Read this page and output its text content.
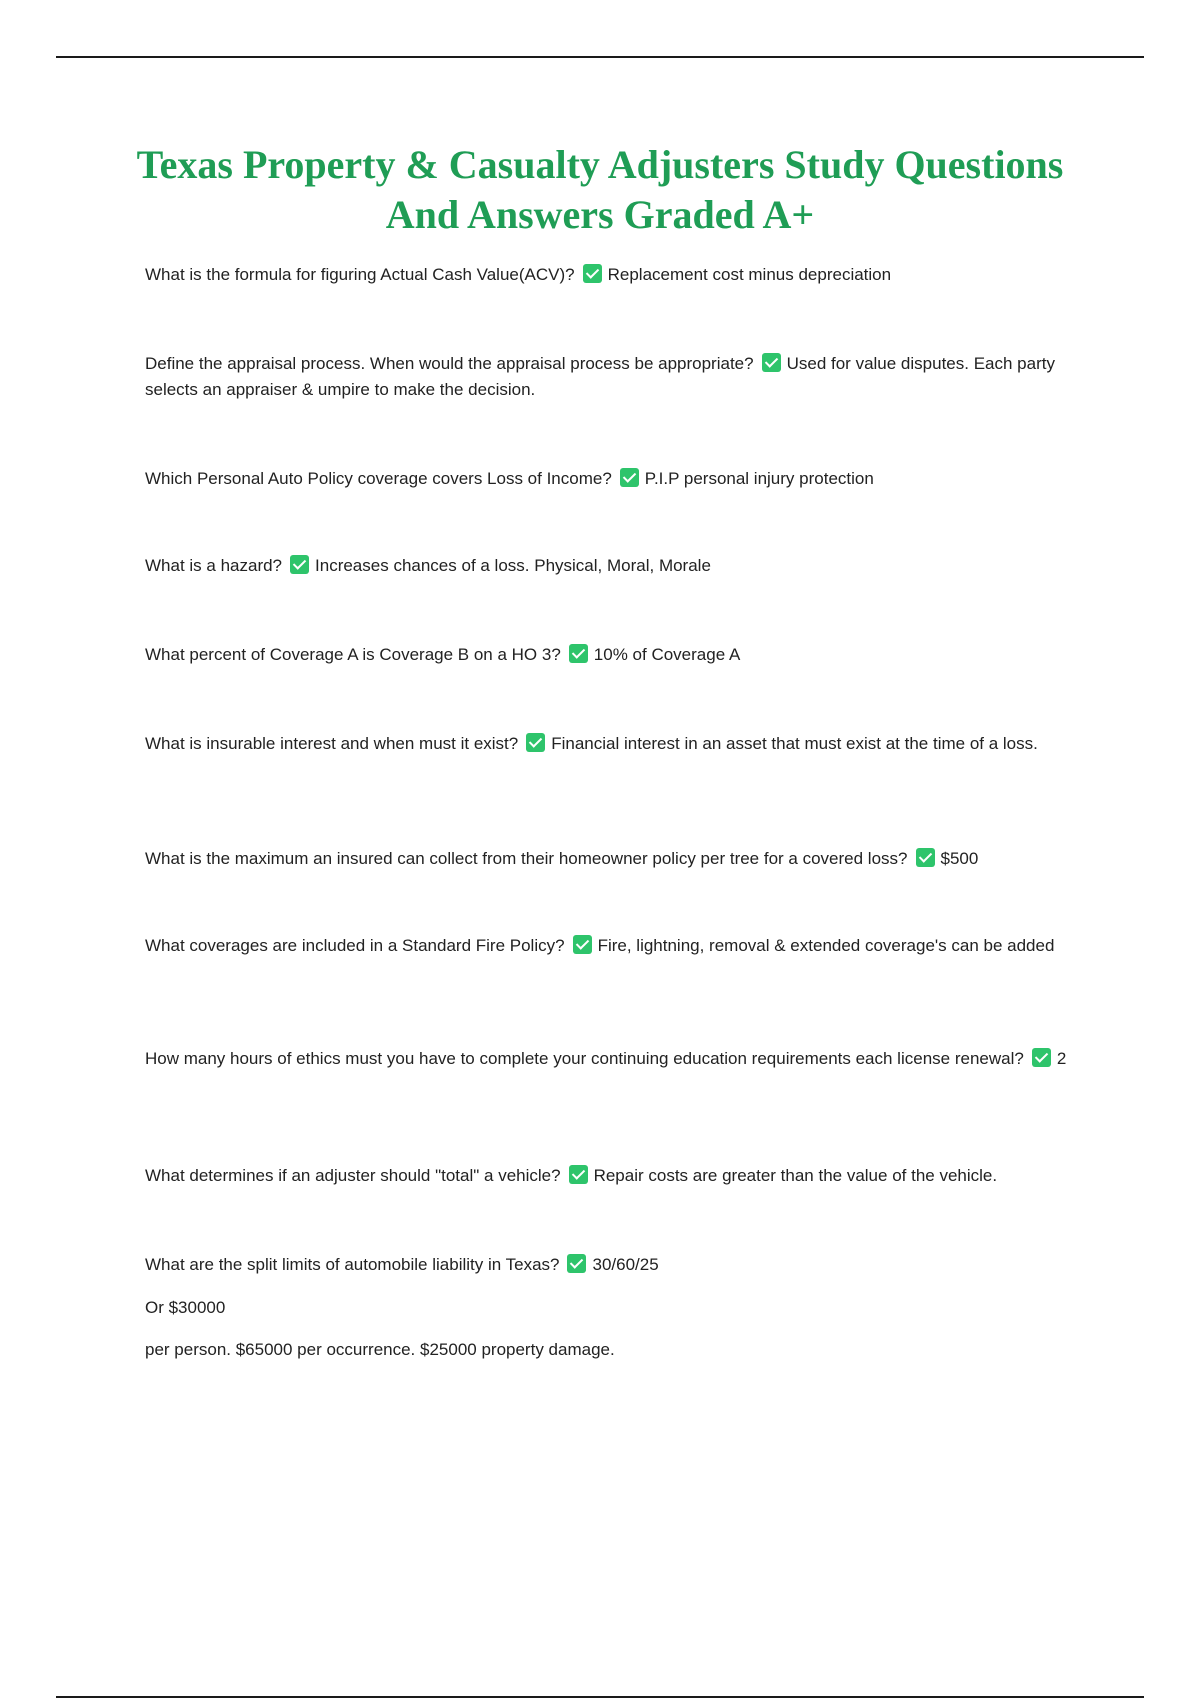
Texas Property & Casualty Adjusters Study Questions And Answers Graded A+

What is the formula for figuring Actual Cash Value(ACV)? Replacement cost minus depreciation

Define the appraisal process. When would the appraisal process be appropriate? Used for value disputes. Each party selects an appraiser & umpire to make the decision.

Which Personal Auto Policy coverage covers Loss of Income? P.I.P personal injury protection

What is a hazard? Increases chances of a loss. Physical, Moral, Morale

What percent of Coverage A is Coverage B on a HO 3? 10% of Coverage A

What is insurable interest and when must it exist? Financial interest in an asset that must exist at the time of a loss.

What is the maximum an insured can collect from their homeowner policy per tree for a covered loss? $500

What coverages are included in a Standard Fire Policy? Fire, lightning, removal & extended coverage's can be added

How many hours of ethics must you have to complete your continuing education requirements each license renewal? 2

What determines if an adjuster should "total" a vehicle? Repair costs are greater than the value of the vehicle.

What are the split limits of automobile liability in Texas? 30/60/25

Or $30000

per person. $65000 per occurrence. $25000 property damage.
